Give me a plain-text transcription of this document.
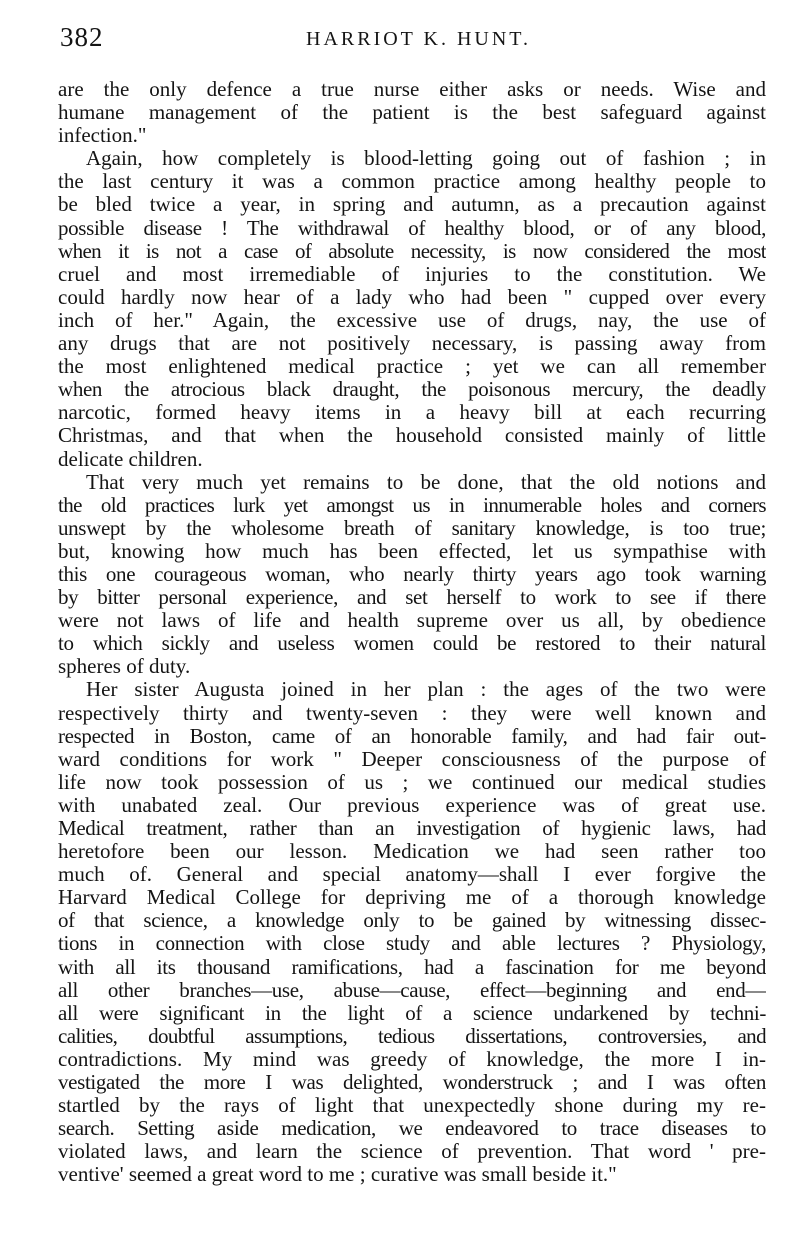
382	HARRIOT K. HUNT.
are the only defence a true nurse either asks or needs. Wise and
humane management of the patient is the best safeguard against
infection."
Again, how completely is blood-letting going out of fashion ; in
the last century it was a common practice among healthy people to
be bled twice a year, in spring and autumn, as a precaution against
possible disease ! The withdrawal of healthy blood, or of any blood,
when it is not a case of absolute necessity, is now considered the most
cruel and most irremediable of injuries to the constitution. We
could hardly now hear of a lady who had been " cupped over every
inch of her." Again, the excessive use of drugs, nay, the use of
any drugs that are not positively necessary, is passing away from
the most enlightened medical practice ; yet we can all remember
when the atrocious black draught, the poisonous mercury, the deadly
narcotic, formed heavy items in a heavy bill at each recurring
Christmas, and that when the household consisted mainly of little
delicate children.
That very much yet remains to be done, that the old notions and
the old practices lurk yet amongst us in innumerable holes and corners
unswept by the wholesome breath of sanitary knowledge, is too true;
but, knowing how much has been effected, let us sympathise with
this one courageous woman, who nearly thirty years ago took warning
by bitter personal experience, and set herself to work to see if there
were not laws of life and health supreme over us all, by obedience
to which sickly and useless women could be restored to their natural
spheres of duty.
Her sister Augusta joined in her plan : the ages of the two were
respectively thirty and twenty-seven : they were well known and
respected in Boston, came of an honorable family, and had fair out-
ward conditions for work " Deeper consciousness of the purpose of
life now took possession of us ; we continued our medical studies
with unabated zeal. Our previous experience was of great use.
Medical treatment, rather than an investigation of hygienic laws, had
heretofore been our lesson. Medication we had seen rather too
much of. General and special anatomy—shall I ever forgive the
Harvard Medical College for depriving me of a thorough knowledge
of that science, a knowledge only to be gained by witnessing dissec-
tions in connection with close study and able lectures ? Physiology,
with all its thousand ramifications, had a fascination for me beyond
all other branches—use, abuse—cause, effect—beginning and end—
all were significant in the light of a science undarkened by techni-
calities, doubtful assumptions, tedious dissertations, controversies, and
contradictions. My mind was greedy of knowledge, the more I in-
vestigated the more I was delighted, wonderstruck ; and I was often
startled by the rays of light that unexpectedly shone during my re-
search. Setting aside medication, we endeavored to trace diseases to
violated laws, and learn the science of prevention. That word ' pre-
ventive' seemed a great word to me ; curative was small beside it."
